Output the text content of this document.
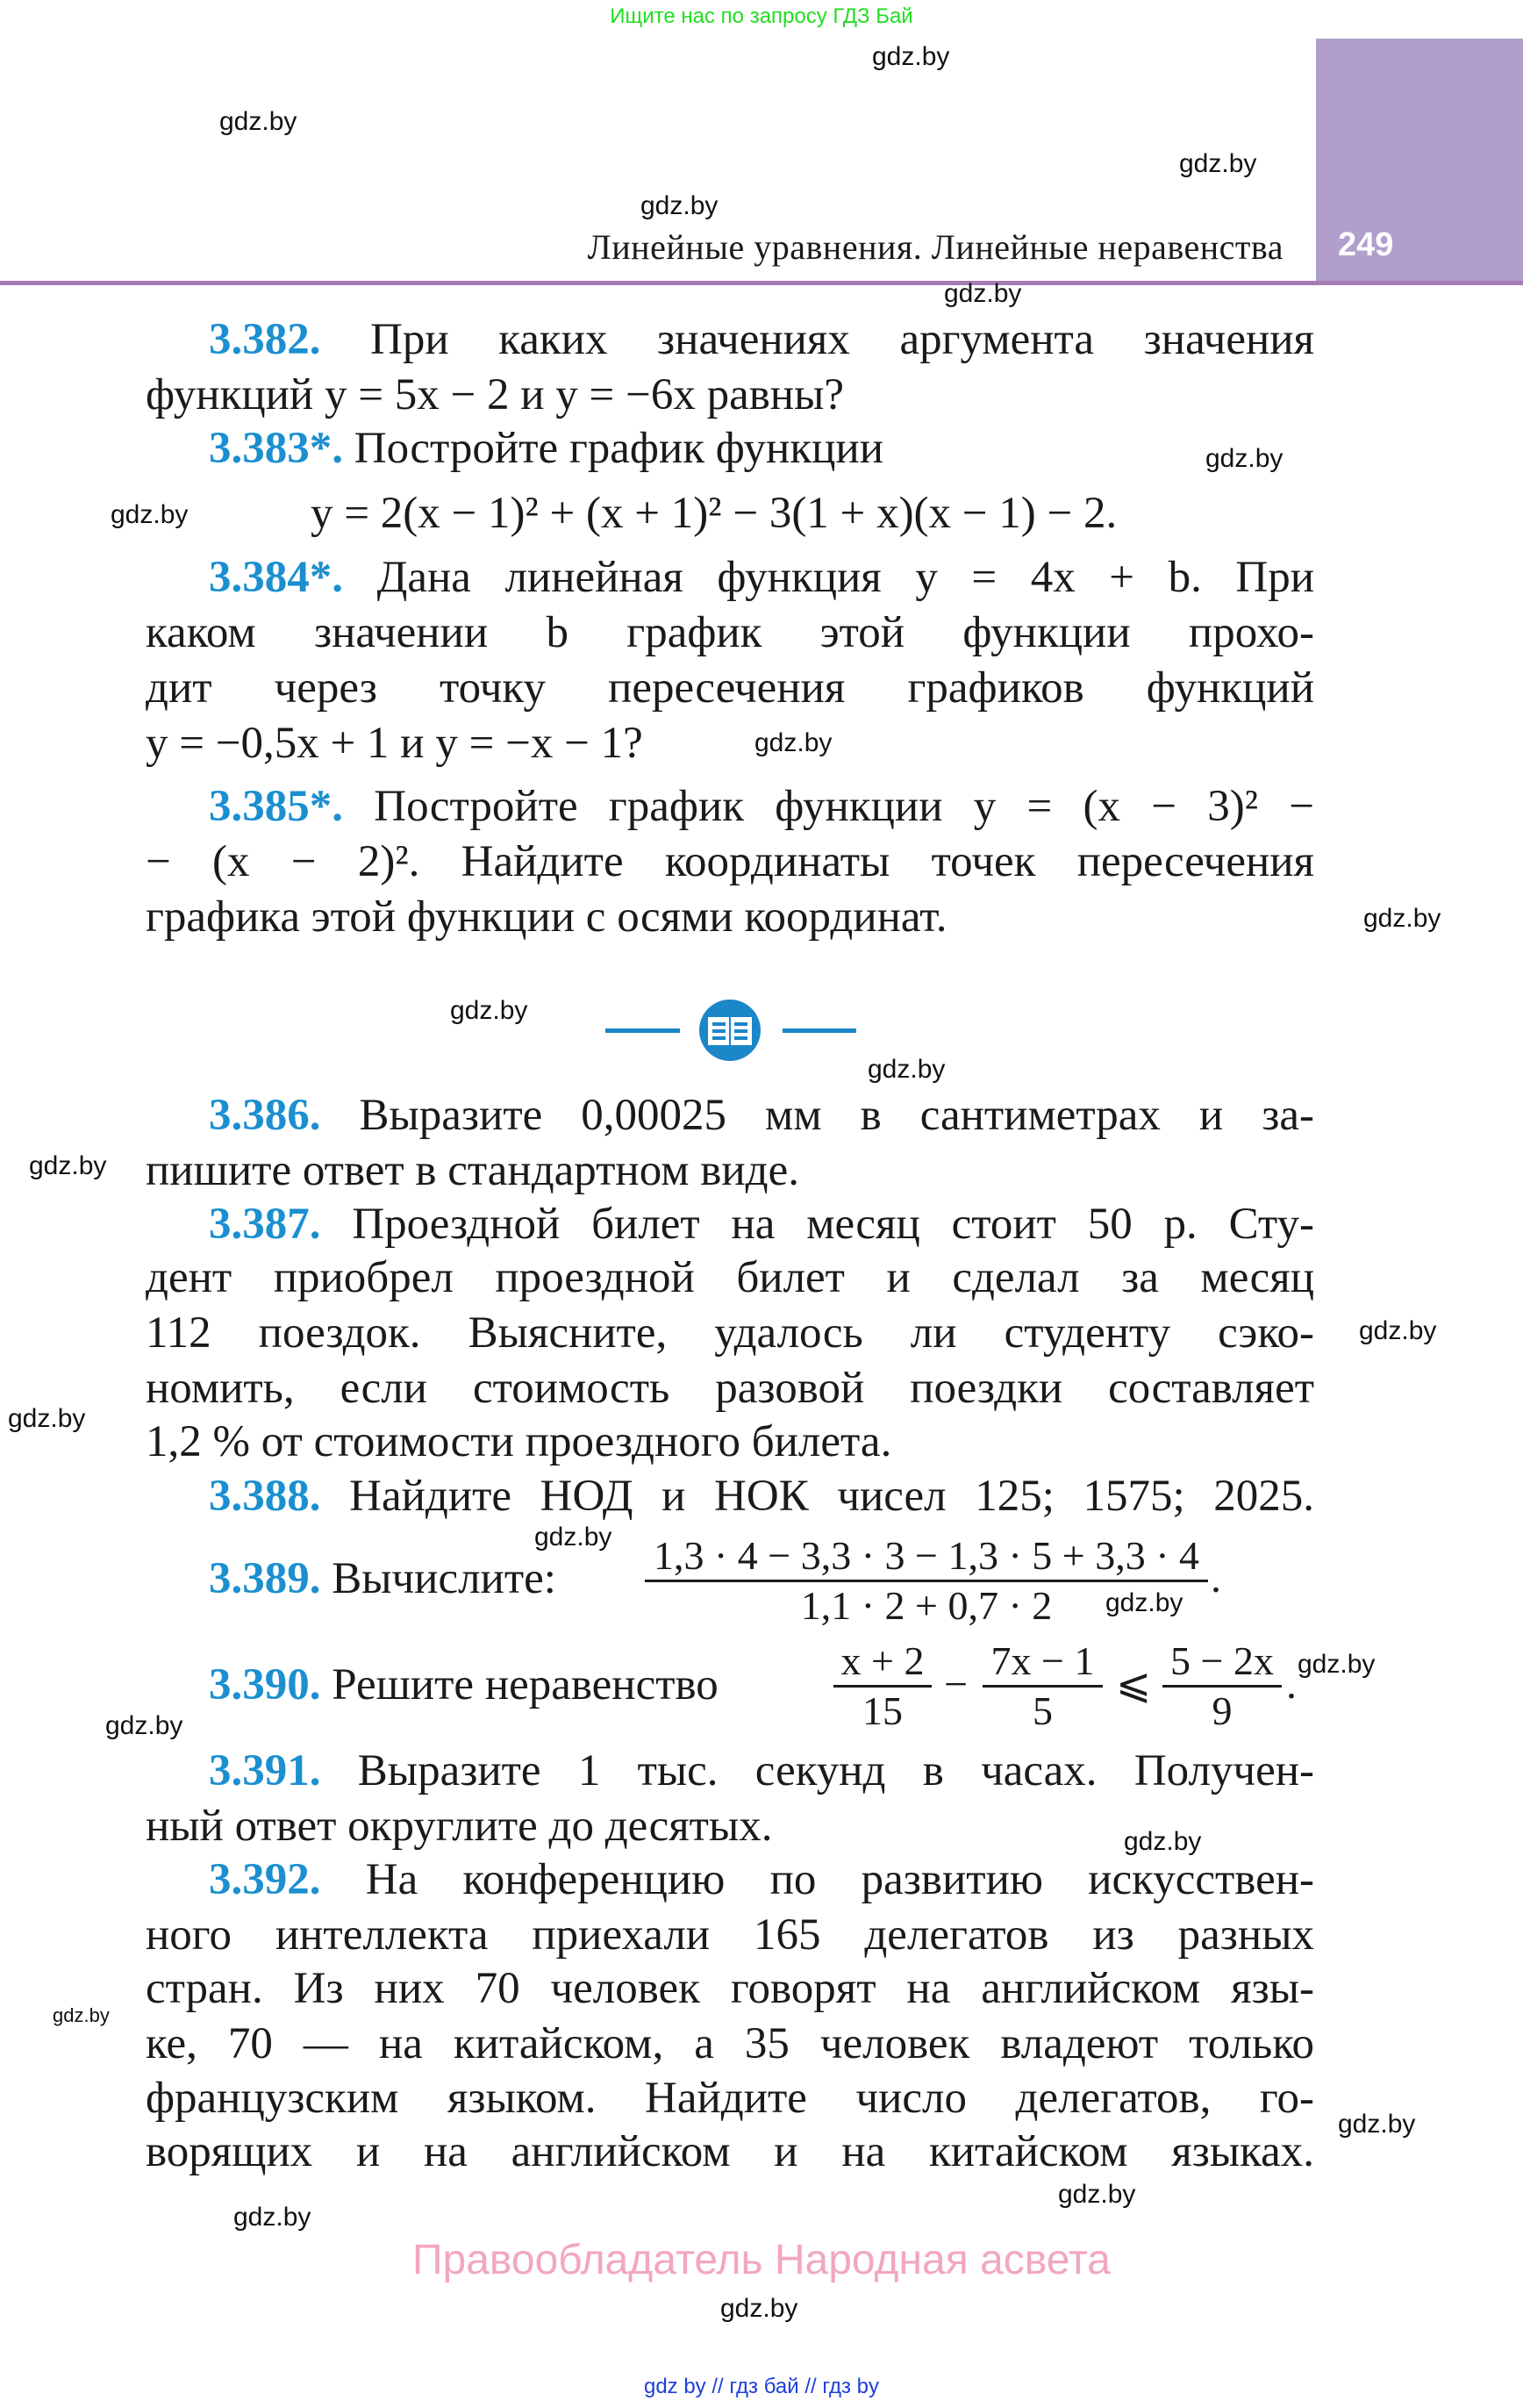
Ищите нас по запросу ГДЗ Бай
249
Линейные уравнения. Линейные неравенства
3.382. При каких значениях аргумента значения
функций y = 5x − 2 и y = −6x равны?
3.383*. Постройте график функции
y = 2(x − 1)² + (x + 1)² − 3(1 + x)(x − 1) − 2.
3.384*. Дана линейная функция y = 4x + b. При
каком значении b график этой функции прохо-
дит через точку пересечения графиков функций
y = −0,5x + 1 и y = −x − 1?
3.385*. Постройте график функции y = (x − 3)² −
− (x − 2)². Найдите координаты точек пересечения
графика этой функции с осями координат.
3.386. Выразите 0,00025 мм в сантиметрах и за-
пишите ответ в стандартном виде.
3.387. Проездной билет на месяц стоит 50 р. Сту-
дент приобрел проездной билет и сделал за месяц
112 поездок. Выясните, удалось ли студенту сэко-
номить, если стоимость разовой поездки составляет
1,2 % от стоимости проездного билета.
3.388. Найдите НОД и НОК чисел 125; 1575; 2025.
3.389. Вычислите:
3.390. Решите неравенство
3.391. Выразите 1 тыс. секунд в часах. Получен-
ный ответ округлите до десятых.
3.392. На конференцию по развитию искусствен-
ного интеллекта приехали 165 делегатов из разных
стран. Из них 70 человек говорят на английском язы-
ке, 70 — на китайском, а 35 человек владеют только
французским языком. Найдите число делегатов, го-
ворящих и на английском и на китайском языках.
$\frac{1,3 \cdot 4 - 3,3 \cdot 3 - 1,3 \cdot 5 + 3,3 \cdot 4}{1,1 \cdot 2 + 0,7 \cdot 2}$ .
$\frac{x + 2}{15} - \frac{7x - 1}{5}$ ⩽ $\frac{5 - 2x}{9}$ .
Правообладатель Народная асвета
gdz by // гдз бай // гдз by
gdz.by
gdz.by
gdz.by
gdz.by
gdz.by
gdz.by
gdz.by
gdz.by
gdz.by
gdz.by
gdz.by
gdz.by
gdz.by
gdz.by
gdz.by
gdz.by
gdz.by
gdz.by
gdz.by
gdz.by
gdz.by
gdz.by
gdz.by
gdz.by
